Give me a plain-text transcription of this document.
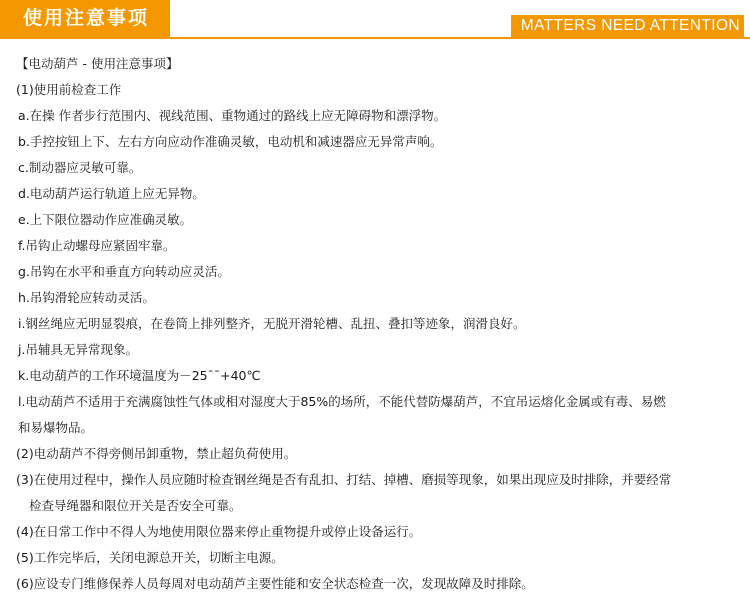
使用注意事项	MATTERS NEED ATTENTION
【电动葫芦 - 使用注意事项】
(1)使用前检查工作
a.在操 作者步行范围内、视线范围、重物通过的路线上应无障碍物和漂浮物。
b.手控按钮上下、左右方向应动作准确灵敏，电动机和减速器应无异常声响。
c.制动器应灵敏可靠。
d.电动葫芦运行轨道上应无异物。
e.上下限位器动作应准确灵敏。
f.吊钩止动螺母应紧固牢靠。
g.吊钩在水平和垂直方向转动应灵活。
h.吊钩滑轮应转动灵活。
i.钢丝绳应无明显裂痕，在卷筒上排列整齐，无脱开滑轮槽、乱扭、叠扣等迹象，润滑良好。
j.吊辅具无异常现象。
k.电动葫芦的工作环境温度为－25¯¯+40℃
l.电动葫芦不适用于充满腐蚀性气体或相对湿度大于85%的场所，不能代替防爆葫芦，不宜吊运熔化金属或有毒、易燃
和易爆物品。
(2)电动葫芦不得旁侧吊卸重物，禁止超负荷使用。
(3)在使用过程中，操作人员应随时检查钢丝绳是否有乱扣、打结、掉槽、磨损等现象，如果出现应及时排除，并要经常
检查导绳器和限位开关是否安全可靠。
(4)在日常工作中不得人为地使用限位器来停止重物提升或停止设备运行。
(5)工作完毕后，关闭电源总开关，切断主电源。
(6)应设专门维修保养人员每周对电动葫芦主要性能和安全状态检查一次，发现故障及时排除。
